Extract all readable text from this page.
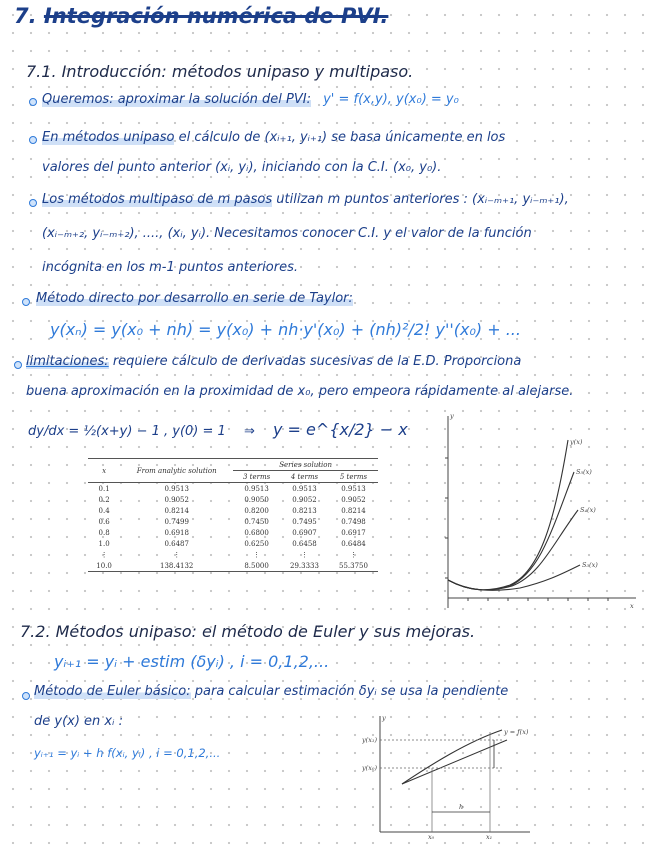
7. Integración numérica de PVI.
7.1. Introducción: métodos unipaso y multipaso.
Queremos: aproximar la solución del PVI: y' = f(x,y), y(x₀) = y₀
En métodos unipaso el cálculo de (xᵢ₊₁, yᵢ₊₁) se basa únicamente en los
valores del punto anterior (xᵢ, yᵢ), iniciando con la C.I. (x₀, y₀).
Los métodos multipaso de m pasos utilizan m puntos anteriores : (xᵢ₋ₘ₊₁, yᵢ₋ₘ₊₁),
(xᵢ₋ₘ₊₂, yᵢ₋ₘ₊₂), ...., (xᵢ, yᵢ). Necesitamos conocer C.I. y el valor de la función
incógnita en los m-1 puntos anteriores.
Método directo por desarrollo en serie de Taylor:
y(xₙ) = y(x₀ + nh) = y(x₀) + nh·y'(x₀) + (nh)²/2! y''(x₀) + ...
limitaciones: requiere cálculo de derivadas sucesivas de la E.D. Proporciona
buena aproximación en la proximidad de x₀, pero empeora rápidamente al alejarse.
dy/dx = ½(x+y) − 1 , y(0) = 1 ⇒ y = e^{x/2} − x
x	From analytic solution	Series solution		
		3 terms	4 terms	5 terms
0.1	0.9513	0.9513	0.9513	0.9513
0.2	0.9052	0.9050	0.9052	0.9052
0.4	0.8214	0.8200	0.8213	0.8214
0.6	0.7499	0.7450	0.7495	0.7498
0.8	0.6918	0.6800	0.6907	0.6917
1.0	0.6487	0.6250	0.6458	0.6484
⋮	⋮	⋮	⋮	⋮
10.0	138.4132	8.5000	29.3333	55.3750
y
x
y(x)
S₅(x)
S₄(x)
S₃(x)
7.2. Métodos unipaso: el método de Euler y sus mejoras.
yᵢ₊₁ = yᵢ + estim (δyᵢ) , i = 0,1,2,...
Método de Euler básico: para calcular estimación δyᵢ se usa la pendiente
de y(x) en xᵢ :
yᵢ₊₁ = yᵢ + h f(xᵢ, yᵢ) , i = 0,1,2,...
y
y(x₁)
y(x₀)
y = f(x)
h
x₀	x₁
